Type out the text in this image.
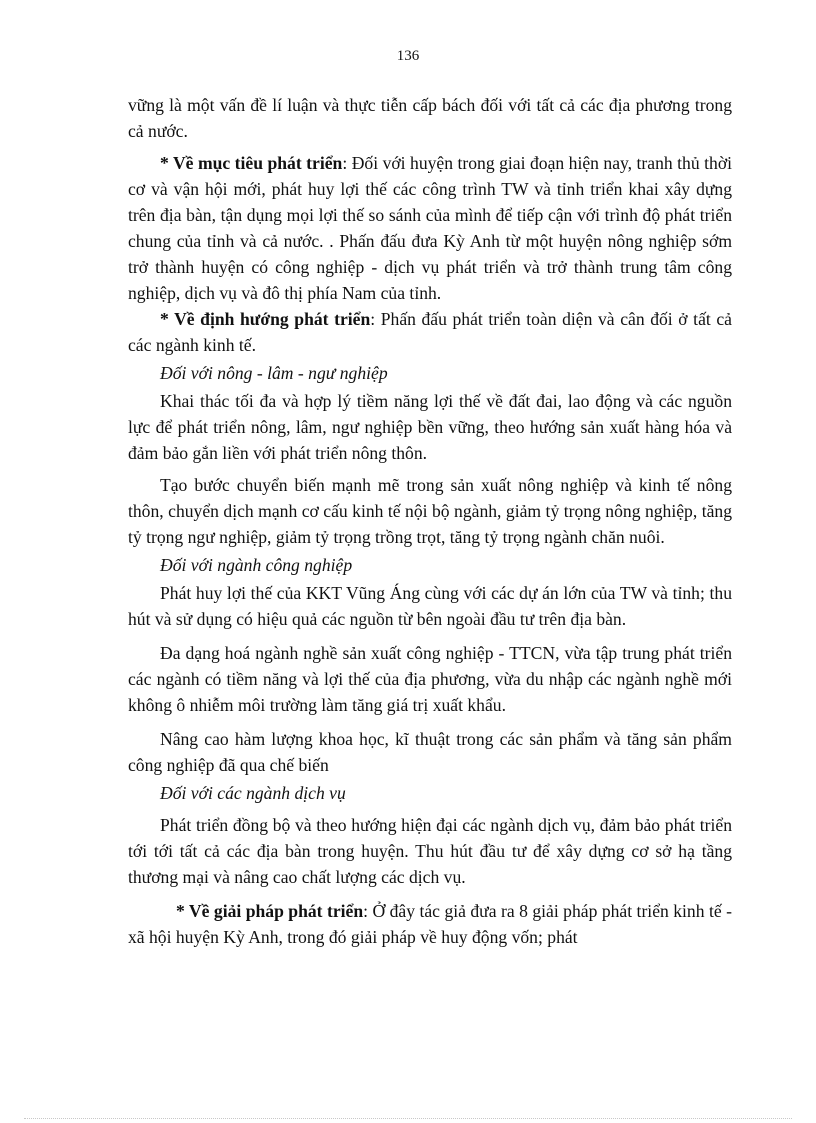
136

vững là một vấn đề lí luận và thực tiễn cấp bách đối với tất cả các địa phương trong cả nước.

* Về mục tiêu phát triển: Đối với huyện trong giai đoạn hiện nay, tranh thủ thời cơ và vận hội mới, phát huy lợi thế các công trình TW và tỉnh triển khai xây dựng trên địa bàn, tận dụng mọi lợi thế so sánh của mình để tiếp cận với trình độ phát triển chung của tỉnh và cả nước. . Phấn đấu đưa Kỳ Anh từ một huyện nông nghiệp sớm trở thành huyện có công nghiệp - dịch vụ phát triển và trở thành trung tâm công nghiệp, dịch vụ và đô thị phía Nam của tỉnh.

* Về định hướng phát triển: Phấn đấu phát triển toàn diện và cân đối ở tất cả các ngành kinh tế.

Đối với nông - lâm - ngư nghiệp

Khai thác tối đa và hợp lý tiềm năng lợi thế về đất đai, lao động và các nguồn lực để phát triển nông, lâm, ngư nghiệp bền vững, theo hướng sản xuất hàng hóa và đảm bảo gắn liền với phát triển nông thôn.

Tạo bước chuyển biến mạnh mẽ trong sản xuất nông nghiệp và kinh tế nông thôn, chuyển dịch mạnh cơ cấu kinh tế nội bộ ngành, giảm tỷ trọng nông nghiệp, tăng tỷ trọng ngư nghiệp, giảm tỷ trọng trồng trọt, tăng tỷ trọng ngành chăn nuôi.

Đối với ngành công nghiệp

Phát huy lợi thế của KKT Vũng Áng cùng với các dự án lớn của TW và tỉnh; thu hút và sử dụng có hiệu quả các nguồn từ bên ngoài đầu tư trên địa bàn.

Đa dạng hoá ngành nghề sản xuất công nghiệp - TTCN, vừa tập trung phát triển các ngành có tiềm năng và lợi thế của địa phương, vừa du nhập các ngành nghề mới không ô nhiễm môi trường làm tăng giá trị xuất khẩu.

Nâng cao hàm lượng khoa học, kĩ thuật trong các sản phẩm và tăng sản phẩm công nghiệp đã qua chế biến

Đối với các ngành dịch vụ

Phát triển đồng bộ và theo hướng hiện đại các ngành dịch vụ, đảm bảo phát triển tới tới tất cả các địa bàn trong huyện. Thu hút đầu tư để xây dựng cơ sở hạ tầng thương mại và nâng cao chất lượng các dịch vụ.

* Về giải pháp phát triển: Ở đây tác giả đưa ra 8 giải pháp phát triển kinh tế - xã hội huyện Kỳ Anh, trong đó giải pháp về huy động vốn; phát
